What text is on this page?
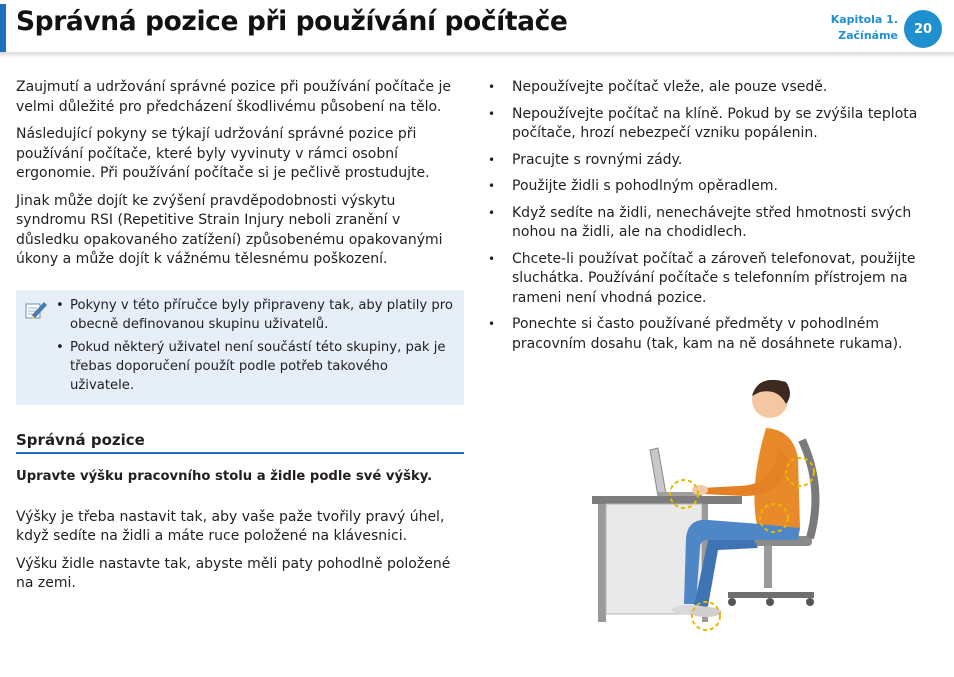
Správná pozice při používání počítače	Kapitola 1.
Začínáme	20

Zaujmutí a udržování správné pozice při používání počítače je velmi důležité pro předcházení škodlivému působení na tělo.

Následující pokyny se týkají udržování správné pozice při používání počítače, které byly vyvinuty v rámci osobní ergonomie. Při používání počítače si je pečlivě prostudujte.

Jinak může dojít ke zvýšení pravděpodobnosti výskytu syndromu RSI (Repetitive Strain Injury neboli zranění v důsledku opakovaného zatížení) způsobenému opakovanými úkony a může dojít k vážnému tělesnému poškození.

• Pokyny v této příručce byly připraveny tak, aby platily pro obecně definovanou skupinu uživatelů.
• Pokud některý uživatel není součástí této skupiny, pak je třebas doporučení použít podle potřeb takového uživatele.
Správná pozice
Upravte výšku pracovního stolu a židle podle své výšky.

Výšky je třeba nastavit tak, aby vaše paže tvořily pravý úhel, když sedíte na židli a máte ruce položené na klávesnici.

Výšku židle nastavte tak, abyste měli paty pohodlně položené na zemi.

• Nepoužívejte počítač vleže, ale pouze vsedě.
• Nepoužívejte počítač na klíně. Pokud by se zvýšila teplota počítače, hrozí nebezpečí vzniku popálenin.
• Pracujte s rovnými zády.
• Použijte židli s pohodlným opěradlem.
• Když sedíte na židli, nenechávejte střed hmotnosti svých nohou na židli, ale na chodidlech.
• Chcete-li používat počítač a zároveň telefonovat, použijte sluchátka. Používání počítače s telefonním přístrojem na rameni není vhodná pozice.
• Ponechte si často používané předměty v pohodlném pracovním dosahu (tak, kam na ně dosáhnete rukama).
